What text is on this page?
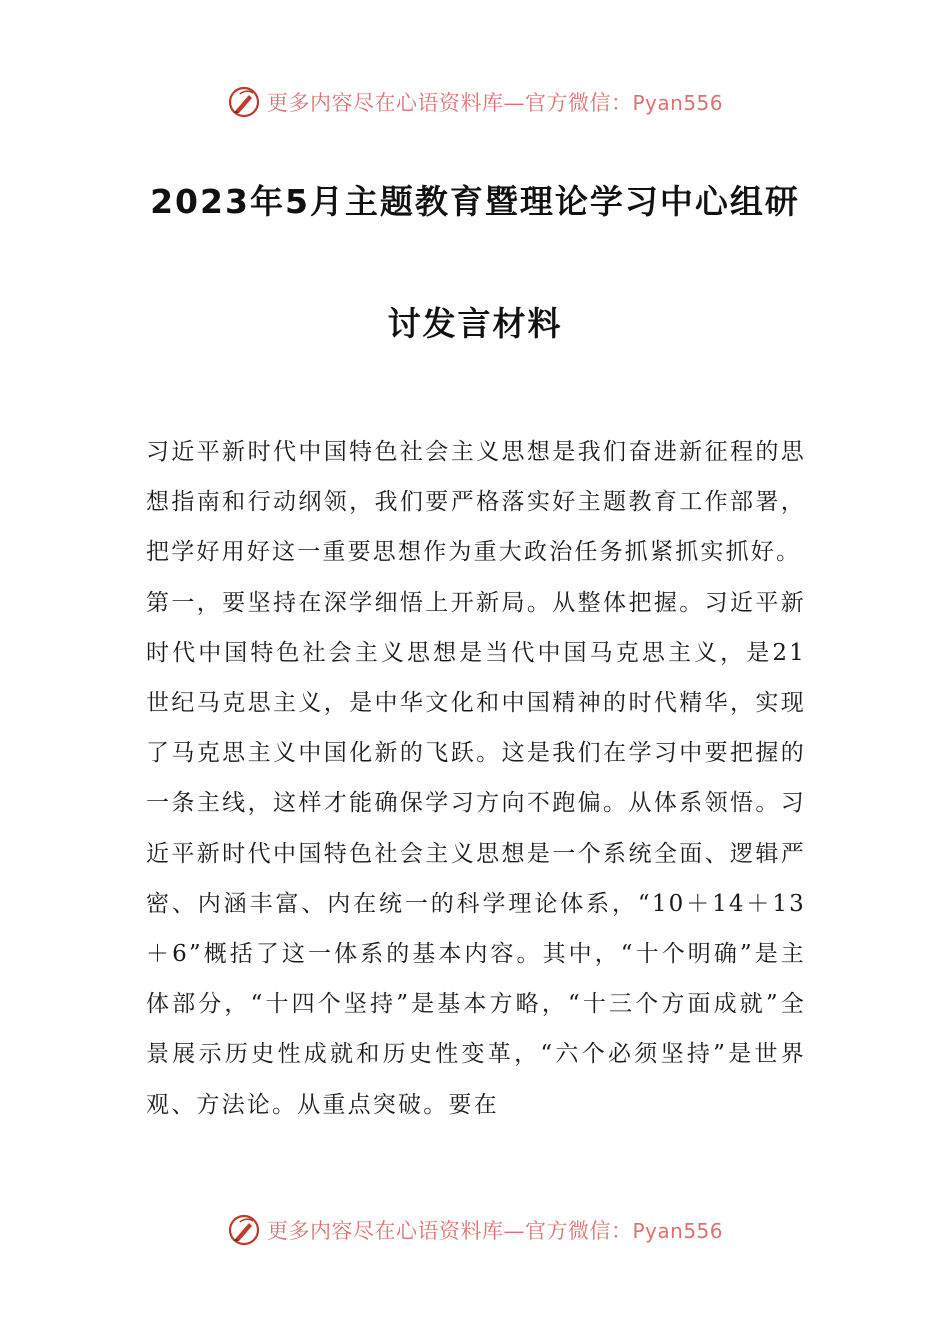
更多内容尽在心语资料库—官方微信：Pyan556
2023年5月主题教育暨理论学习中心组研
讨发言材料

习近平新时代中国特色社会主义思想是我们奋进新征程的思想指南和行动纲领，我们要严格落实好主题教育工作部署，把学好用好这一重要思想作为重大政治任务抓紧抓实抓好。

第一，要坚持在深学细悟上开新局。从整体把握。习近平新时代中国特色社会主义思想是当代中国马克思主义，是21世纪马克思主义，是中华文化和中国精神的时代精华，实现了马克思主义中国化新的飞跃。这是我们在学习中要把握的一条主线，这样才能确保学习方向不跑偏。从体系领悟。习近平新时代中国特色社会主义思想是一个系统全面、逻辑严密、内涵丰富、内在统一的科学理论体系，“10＋14＋13＋6”概括了这一体系的基本内容。其中，“十个明确”是主体部分，“十四个坚持”是基本方略，“十三个方面成就”全景展示历史性成就和历史性变革，“六个必须坚持”是世界观、方法论。从重点突破。要在

更多内容尽在心语资料库—官方微信：Pyan556
